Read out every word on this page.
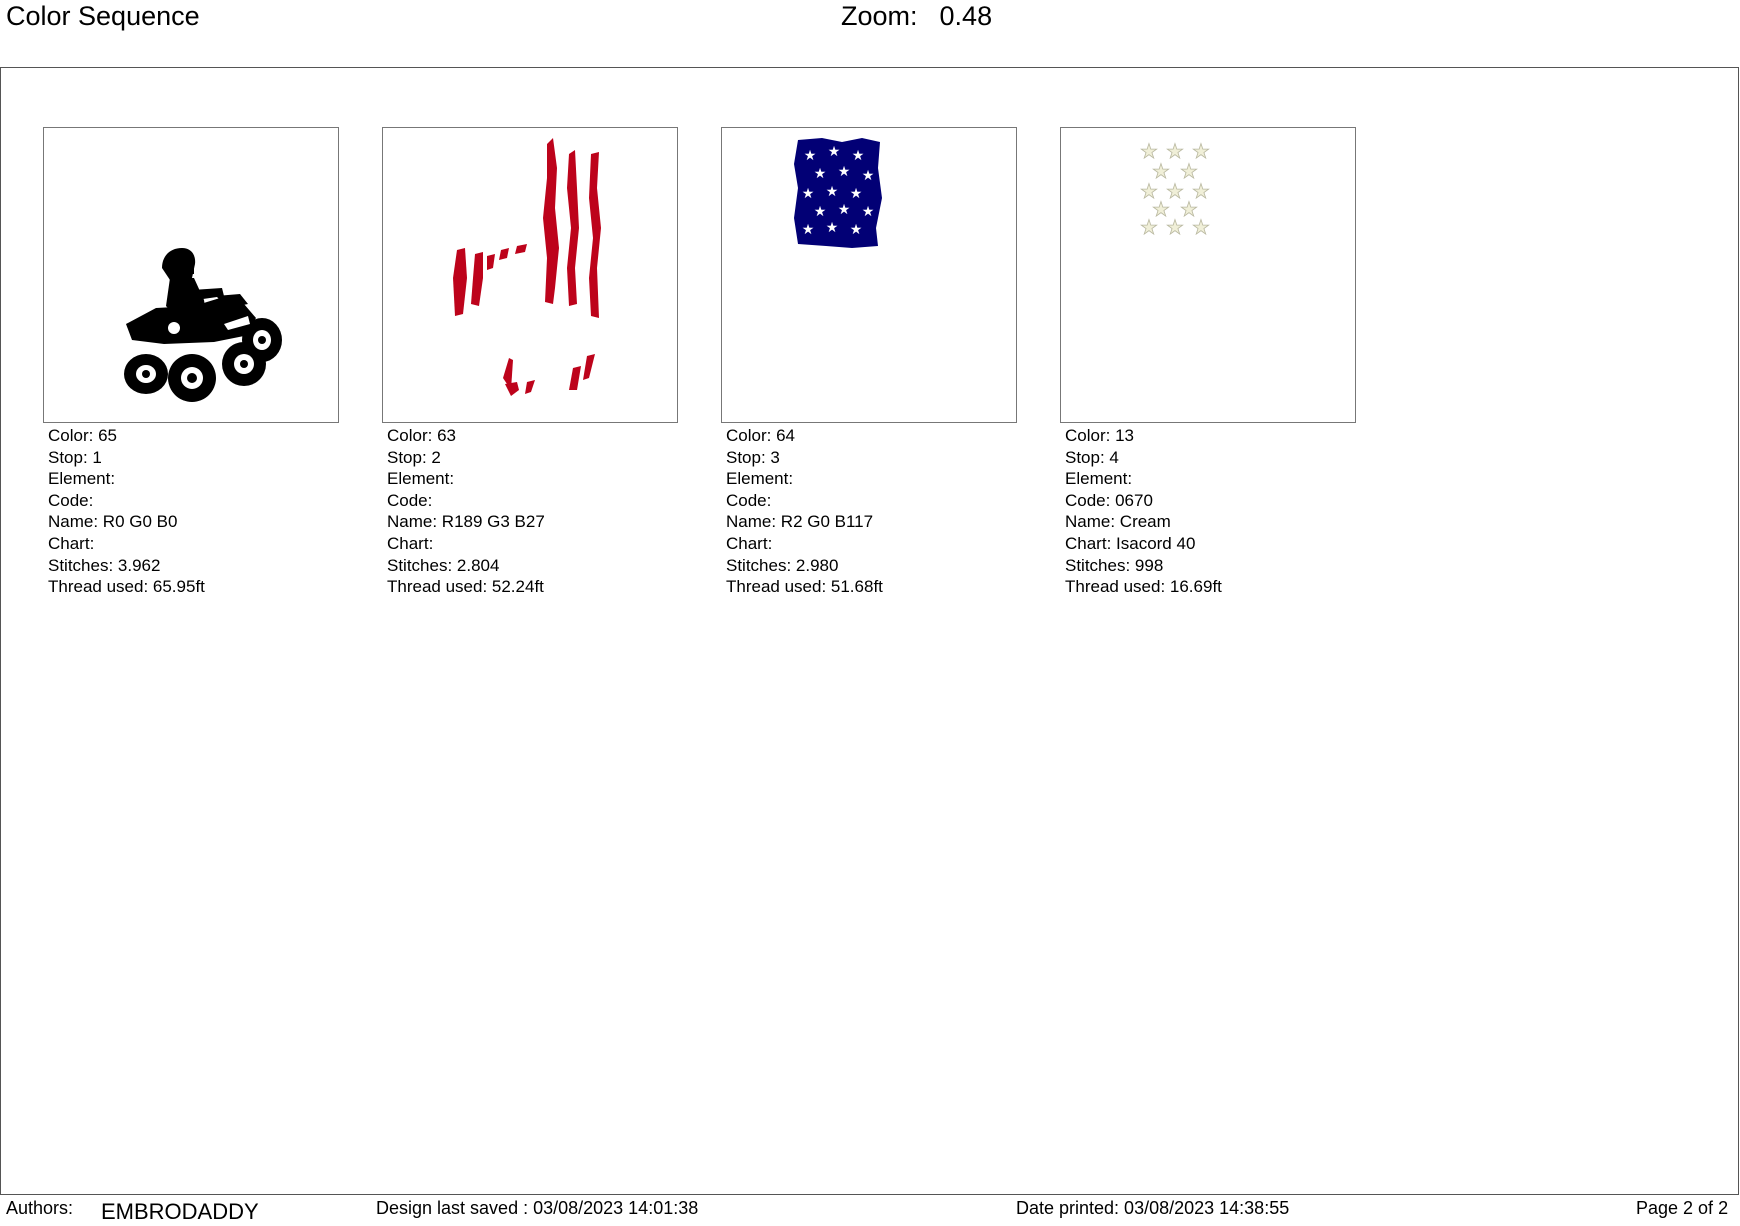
Color Sequence	Zoom: 0.48
★ ★ ★
★ ★ ★
★ ★ ★
★ ★ ★
★ ★ ★
★ ★ ★
★ ★
★ ★ ★
★ ★
★ ★ ★
Color: 65
Stop: 1
Element:
Code:
Name: R0 G0 B0
Chart:
Stitches: 3.962
Thread used: 65.95ft
Color: 63
Stop: 2
Element:
Code:
Name: R189 G3 B27
Chart:
Stitches: 2.804
Thread used: 52.24ft
Color: 64
Stop: 3
Element:
Code:
Name: R2 G0 B117
Chart:
Stitches: 2.980
Thread used: 51.68ft
Color: 13
Stop: 4
Element:
Code: 0670
Name: Cream
Chart: Isacord 40
Stitches: 998
Thread used: 16.69ft
Authors: EMBRODADDY	Design last saved : 03/08/2023 14:01:38	Date printed: 03/08/2023 14:38:55	Page 2 of 2
